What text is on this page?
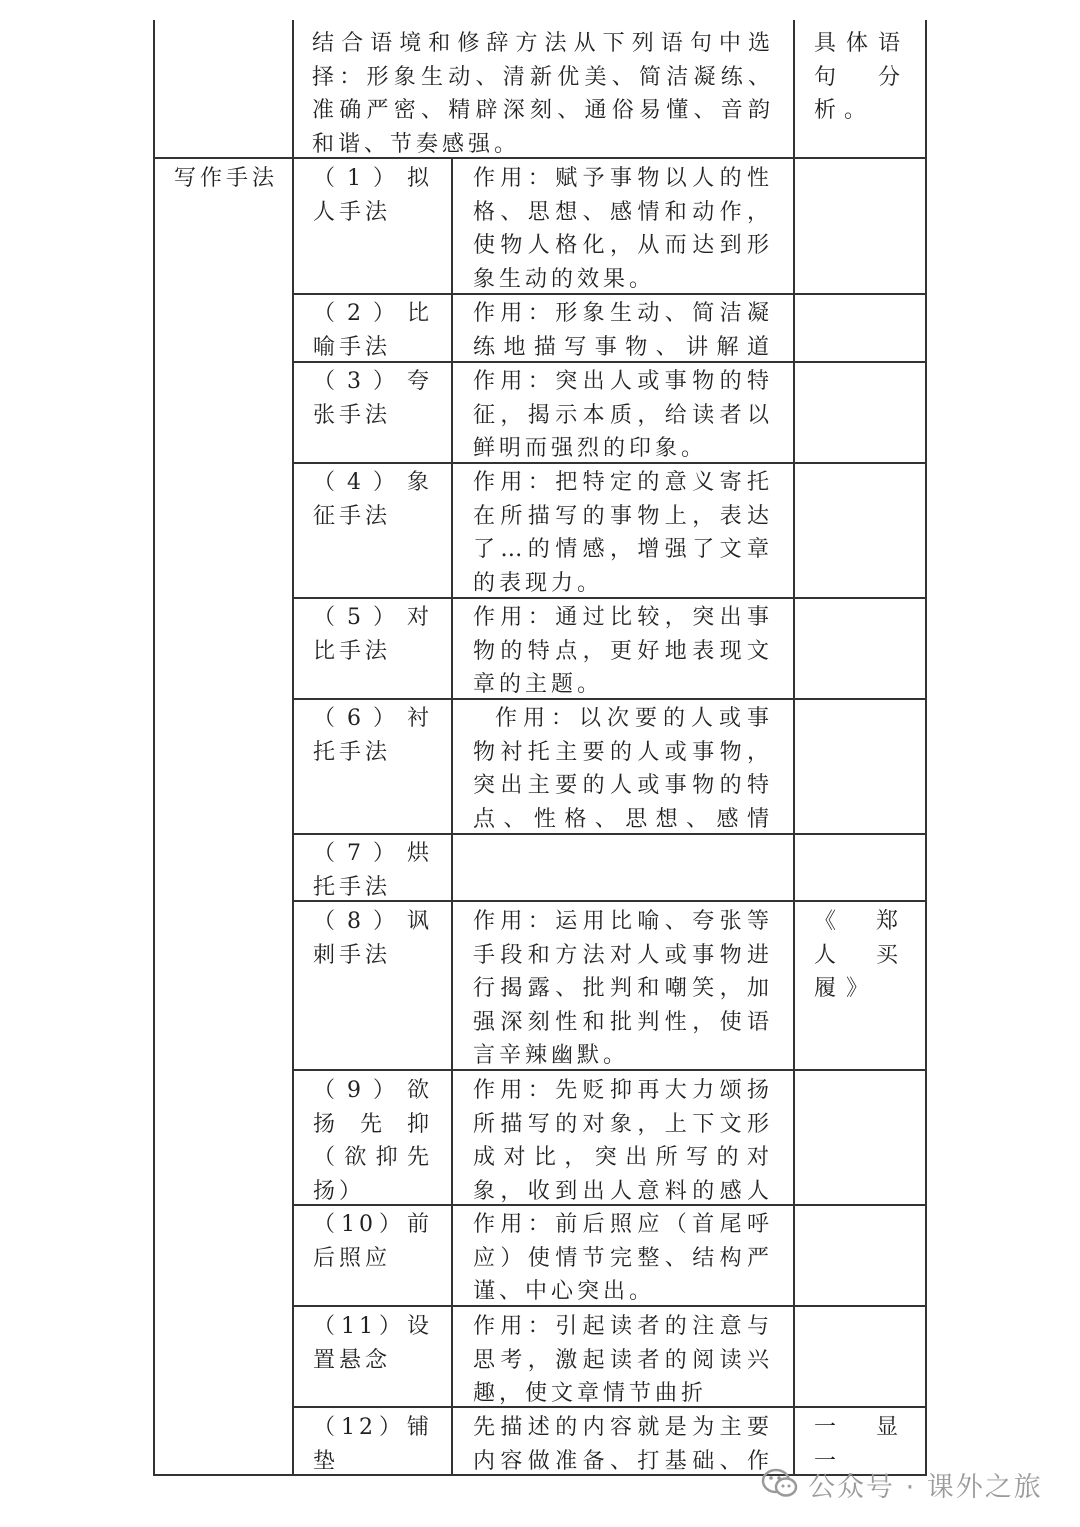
结合语境和修辞方法从下列语句中选择：形象生动、清新优美、简洁凝练、准确严密、精辟深刻、通俗易懂、音韵和谐、节奏感强。
具体语句分析。
写作手法	（1）拟人手法
作用：赋予事物以人的性格、思想、感情和动作，使物人格化，从而达到形象生动的效果。
（2）比喻手法
作用：形象生动、简洁凝练地描写事物、讲解道
（3）夸张手法
作用：突出人或事物的特征，揭示本质，给读者以鲜明而强烈的印象。
（4）象征手法
作用：把特定的意义寄托在所描写的事物上，表达了…的情感，增强了文章的表现力。
（5）对比手法
作用：通过比较，突出事物的特点，更好地表现文章的主题。
（6）衬托手法
作用：以次要的人或事物衬托主要的人或事物，突出主要的人或事物的特点、性格、思想、感情
（7）烘托手法
（8）讽刺手法
作用：运用比喻、夸张等手段和方法对人或事物进行揭露、批判和嘲笑，加强深刻性和批判性，使语言辛辣幽默。
《郑人买履》
（9）欲扬先抑（欲抑先扬）
作用：先贬抑再大力颂扬所描写的对象，上下文形成对比，突出所写的对象，收到出人意料的感人
（10）前后照应
作用：前后照应（首尾呼应）使情节完整、结构严谨、中心突出。
（11）设置悬念
作用：引起读者的注意与思考，激起读者的阅读兴趣，使文章情节曲折
（12）铺垫
先描述的内容就是为主要内容做准备、打基础、作
一显一
公众号 · 课外之旅
